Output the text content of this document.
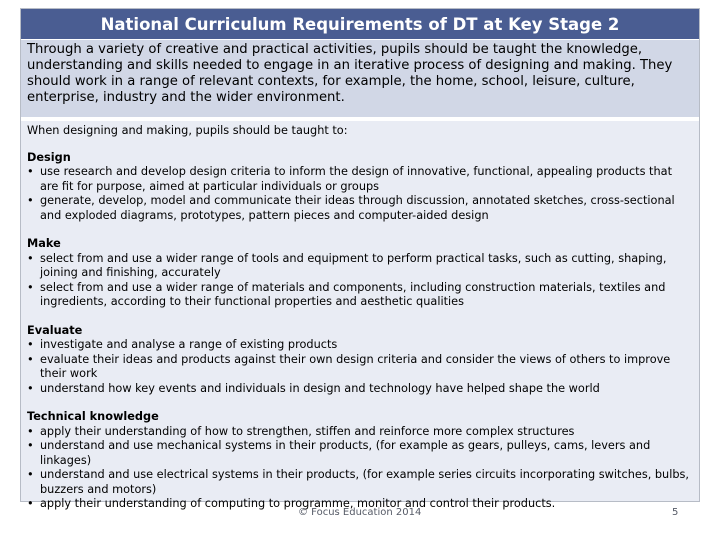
National Curriculum Requirements of DT at Key Stage 2
Through a variety of creative and practical activities, pupils should be taught the knowledge, understanding and skills needed to engage in an iterative process of designing and making. They should work in a range of relevant contexts, for example, the home, school, leisure, culture, enterprise, industry and the wider environment.

When designing and making, pupils should be taught to:

Design

• use research and develop design criteria to inform the design of innovative, functional, appealing products that are fit for purpose, aimed at particular individuals or groups
• generate, develop, model and communicate their ideas through discussion, annotated sketches, cross-sectional and exploded diagrams, prototypes, pattern pieces and computer-aided design

Make

• select from and use a wider range of tools and equipment to perform practical tasks, such as cutting, shaping, joining and finishing, accurately
• select from and use a wider range of materials and components, including construction materials, textiles and ingredients, according to their functional properties and aesthetic qualities

Evaluate

• investigate and analyse a range of existing products
• evaluate their ideas and products against their own design criteria and consider the views of others to improve their work
• understand how key events and individuals in design and technology have helped shape the world

Technical knowledge

• apply their understanding of how to strengthen, stiffen and reinforce more complex structures
• understand and use mechanical systems in their products, (for example as gears, pulleys, cams, levers and linkages)
• understand and use electrical systems in their products, (for example series circuits incorporating switches, bulbs, buzzers and motors)
• apply their understanding of computing to programme, monitor and control their products.
© Focus Education 2014	5
